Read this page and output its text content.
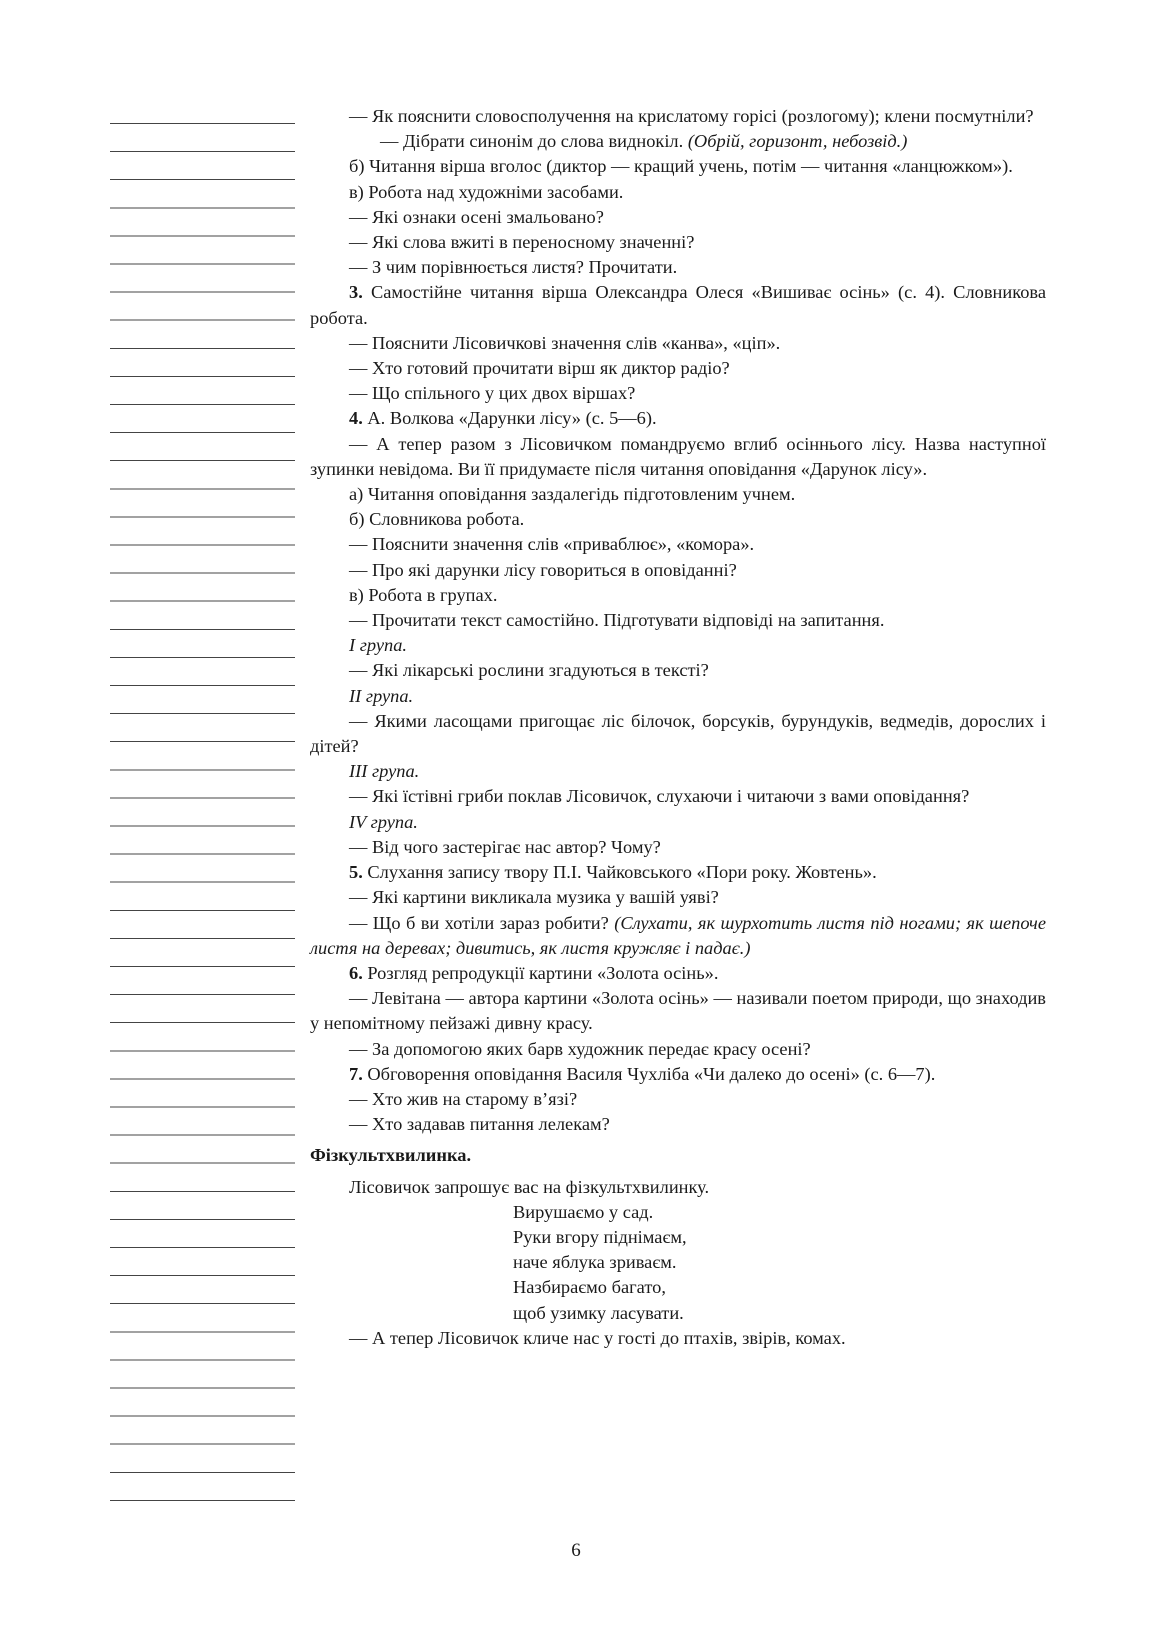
— Як пояснити словосполучення на крислатому горісі (розлогому); клени посмутніли?

— Дібрати синонім до слова виднокіл. (Обрій, горизонт, небозвід.)

б) Читання вірша вголос (диктор — кращий учень, потім — читання «ланцюжком»).

в) Робота над художніми засобами.

— Які ознаки осені змальовано?

— Які слова вжиті в переносному значенні?

— З чим порівнюється листя? Прочитати.

3. Самостійне читання вірша Олександра Олеся «Вишиває осінь» (с. 4). Словникова робота.

— Пояснити Лісовичкові значення слів «канва», «ціп».

— Хто готовий прочитати вірш як диктор радіо?

— Що спільного у цих двох віршах?

4. А. Волкова «Дарунки лісу» (с. 5—6).

— А тепер разом з Лісовичком помандруємо вглиб осіннього лісу. Назва наступної зупинки невідома. Ви її придумаєте після читання оповідання «Дарунок лісу».

а) Читання оповідання заздалегідь підготовленим учнем.

б) Словникова робота.

— Пояснити значення слів «приваблює», «комора».

— Про які дарунки лісу говориться в оповіданні?

в) Робота в групах.

— Прочитати текст самостійно. Підготувати відповіді на запитання.

I група.

— Які лікарські рослини згадуються в тексті?

II група.

— Якими ласощами пригощає ліс білочок, борсуків, бурундуків, ведмедів, дорослих і дітей?

III група.

— Які їстівні гриби поклав Лісовичок, слухаючи і читаючи з вами оповідання?

IV група.

— Від чого застерігає нас автор? Чому?

5. Слухання запису твору П.І. Чайковського «Пори року. Жовтень».

— Які картини викликала музика у вашій уяві?

— Що б ви хотіли зараз робити? (Слухати, як шурхотить листя під ногами; як шепоче листя на деревах; дивитись, як листя кружляє і падає.)

6. Розгляд репродукції картини «Золота осінь».

— Левітана — автора картини «Золота осінь» — називали поетом природи, що знаходив у непомітному пейзажі дивну красу.

— За допомогою яких барв художник передає красу осені?

7. Обговорення оповідання Василя Чухліба «Чи далеко до осені» (с. 6—7).

— Хто жив на старому в’язі?

— Хто задавав питання лелекам?

Фізкультхвилинка.

Лісовичок запрошує вас на фізкультхвилинку.

Вирушаємо у сад.

Руки вгору піднімаєм,

наче яблука зриваєм.

Назбираємо багато,

щоб узимку ласувати.

— А тепер Лісовичок кличе нас у гості до птахів, звірів, комах.

6
